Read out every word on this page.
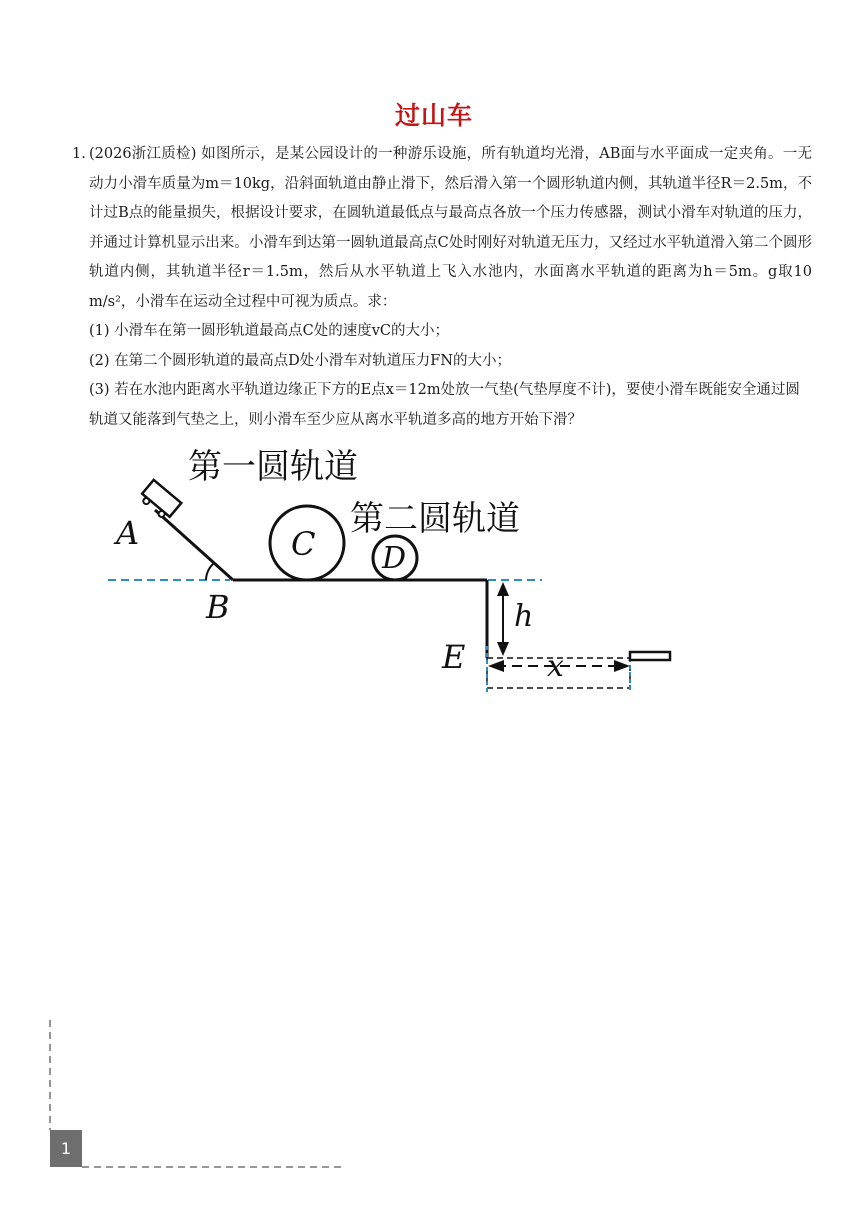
过山车
1. (2026浙江质检) 如图所示，是某公园设计的一种游乐设施，所有轨道均光滑，AB面与水平面成一定夹角。一无动力小滑车质量为m＝10kg，沿斜面轨道由静止滑下，然后滑入第一个圆形轨道内侧，其轨道半径R＝2.5m，不计过B点的能量损失，根据设计要求，在圆轨道最低点与最高点各放一个压力传感器，测试小滑车对轨道的压力，并通过计算机显示出来。小滑车到达第一圆轨道最高点C处时刚好对轨道无压力，又经过水平轨道滑入第二个圆形轨道内侧，其轨道半径r＝1.5m，然后从水平轨道上飞入水池内，水面离水平轨道的距离为h＝5m。g取10 m/s²，小滑车在运动全过程中可视为质点。求：

(1) 小滑车在第一圆形轨道最高点C处的速度vC的大小；

(2) 在第二个圆形轨道的最高点D处小滑车对轨道压力FN的大小；

(3) 若在水池内距离水平轨道边缘正下方的E点x＝12m处放一气垫(气垫厚度不计)，要使小滑车既能安全通过圆轨道又能落到气垫之上，则小滑车至少应从离水平轨道多高的地方开始下滑？

第一圆轨道
第二圆轨道
A
B
C D
E
h
x
1
